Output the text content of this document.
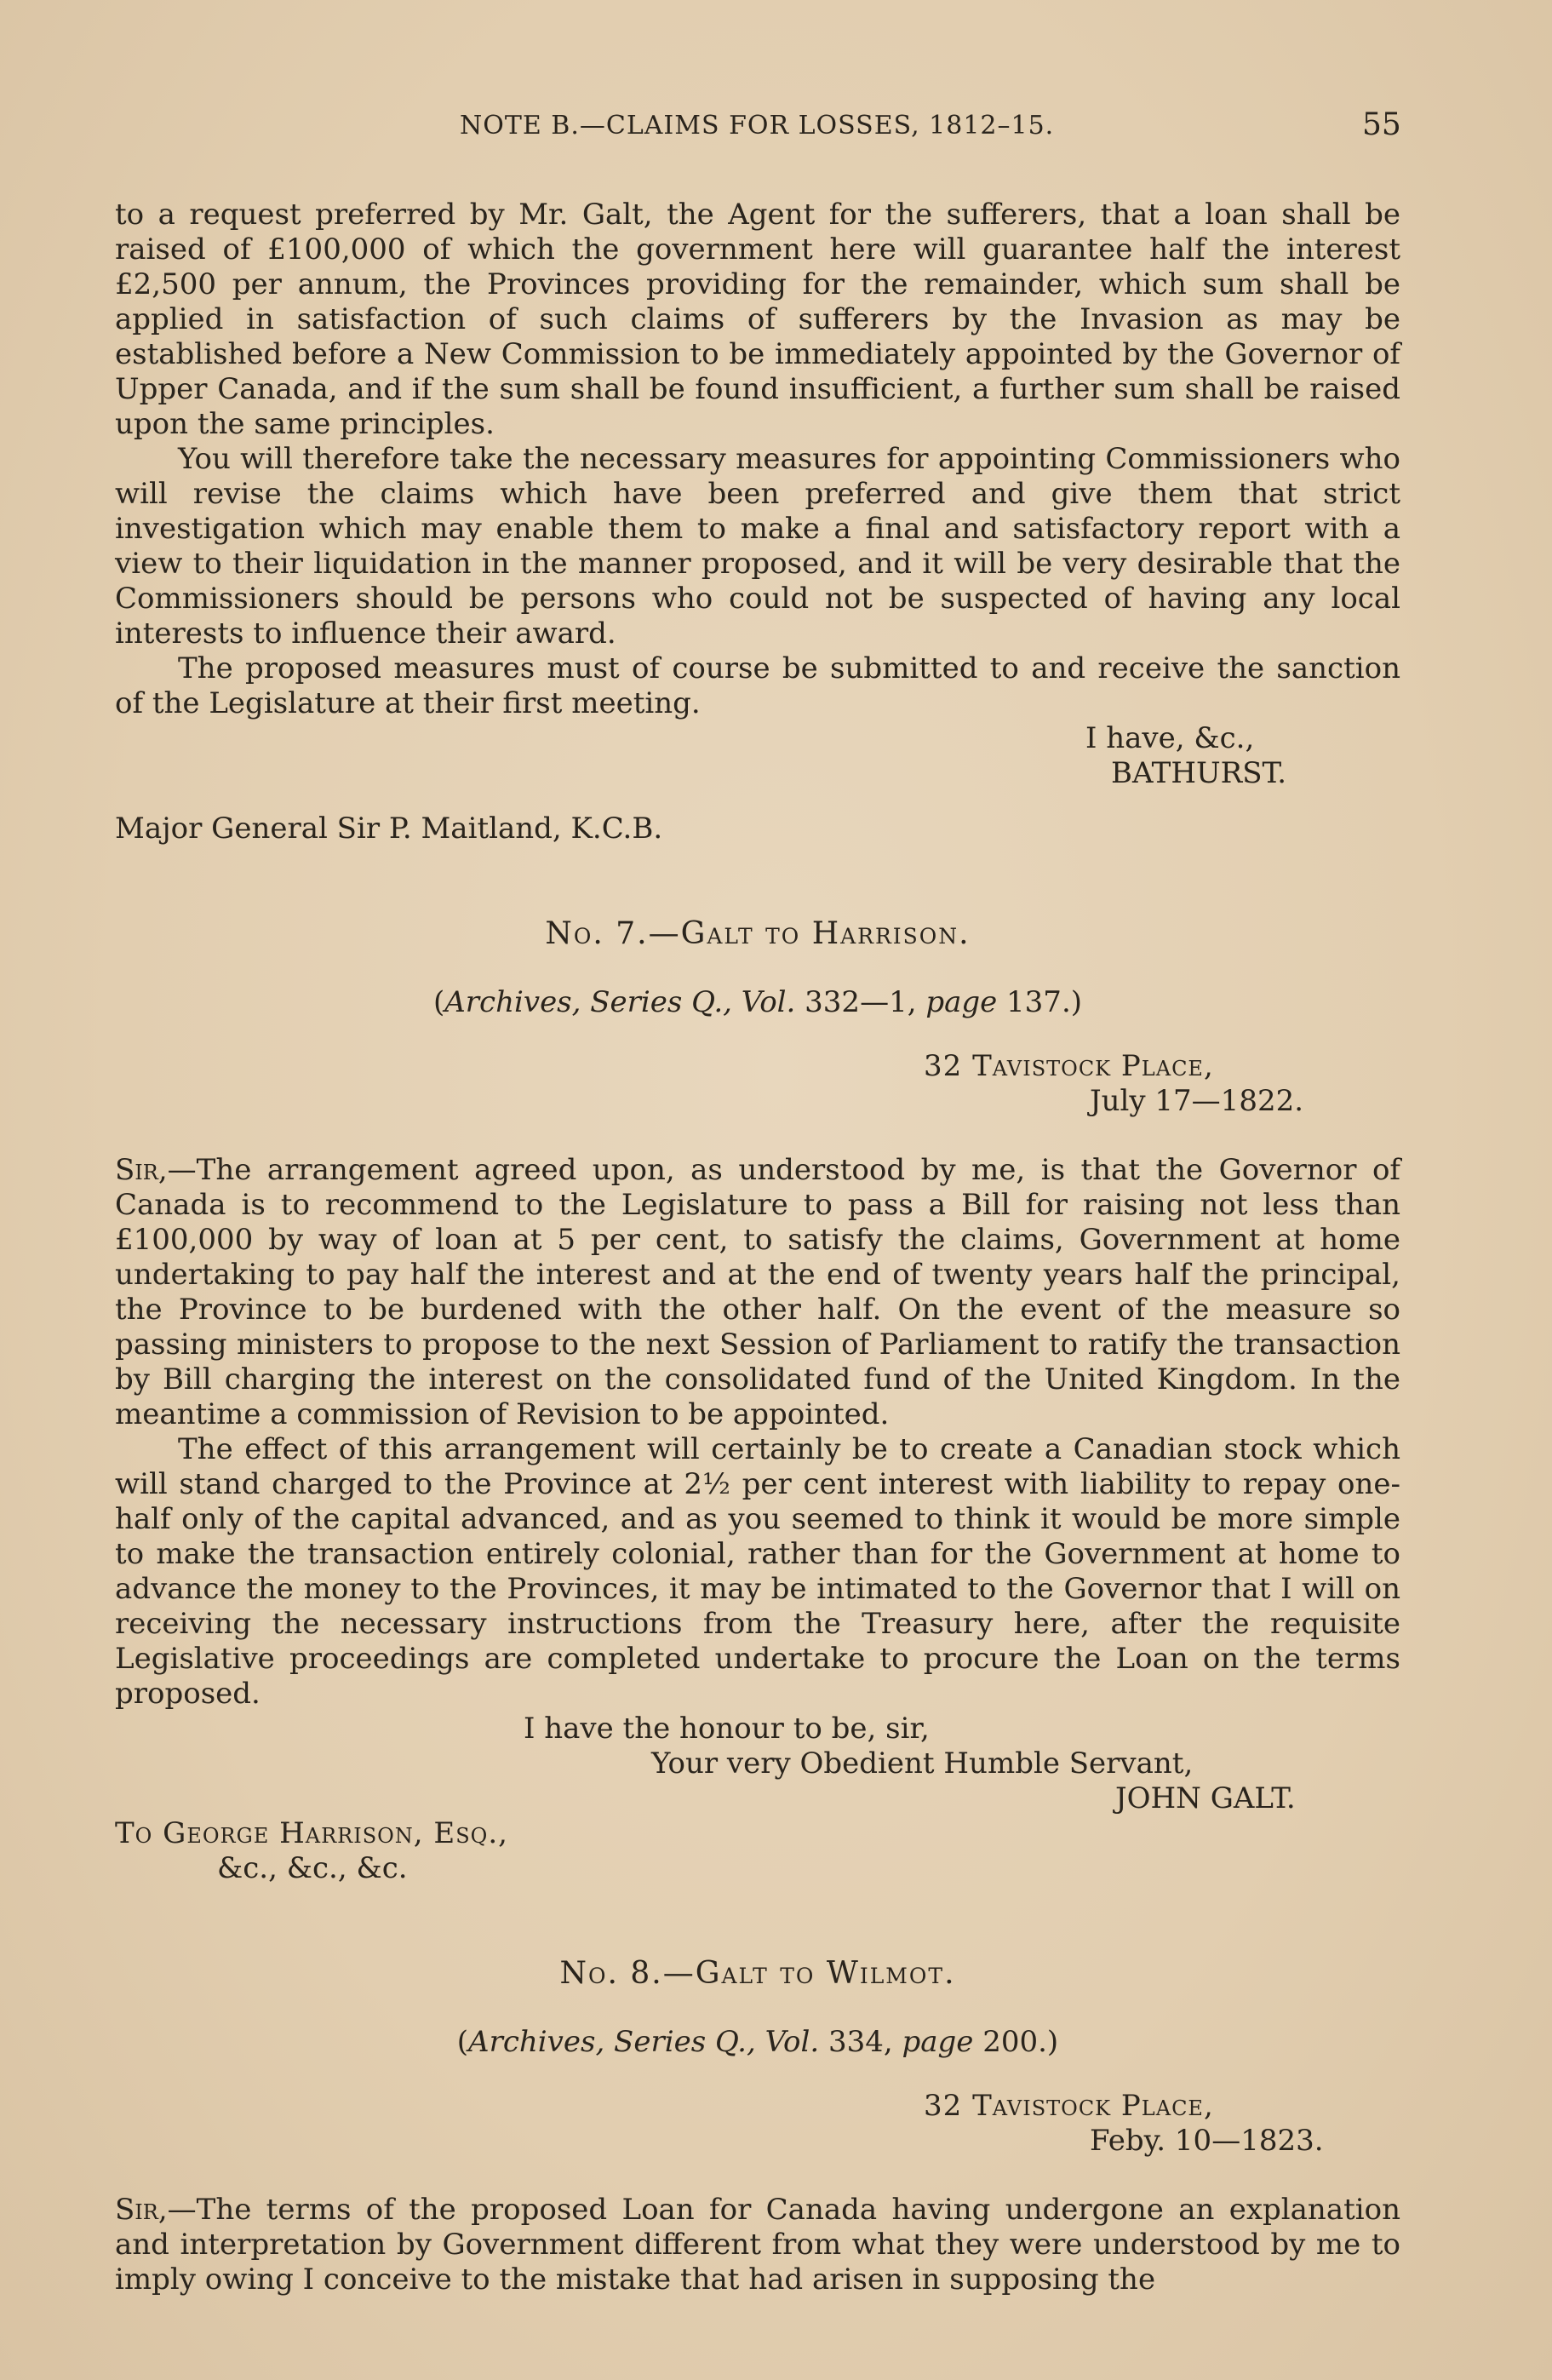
NOTE B.—CLAIMS FOR LOSSES, 1812–15.	55

to a request preferred by Mr. Galt, the Agent for the sufferers, that a loan shall be raised of £100,000 of which the government here will guarantee half the interest £2,500 per annum, the Provinces providing for the remainder, which sum shall be applied in satisfaction of such claims of sufferers by the Invasion as may be established before a New Commission to be immediately appointed by the Governor of Upper Canada, and if the sum shall be found insufficient, a further sum shall be raised upon the same principles.

You will therefore take the necessary measures for appointing Commissioners who will revise the claims which have been preferred and give them that strict investigation which may enable them to make a final and satisfactory report with a view to their liquidation in the manner proposed, and it will be very desirable that the Commissioners should be persons who could not be suspected of having any local interests to influence their award.

The proposed measures must of course be submitted to and receive the sanction of the Legislature at their first meeting.

I have, &c.,
BATHURST.
Major General Sir P. Maitland, K.C.B.
No. 7.—Galt to Harrison.
(Archives, Series Q., Vol. 332—1, page 137.)
32 Tavistock Place,
July 17—1822.

Sir,—The arrangement agreed upon, as understood by me, is that the Governor of Canada is to recommend to the Legislature to pass a Bill for raising not less than £100,000 by way of loan at 5 per cent, to satisfy the claims, Government at home undertaking to pay half the interest and at the end of twenty years half the principal, the Province to be burdened with the other half. On the event of the measure so passing ministers to propose to the next Session of Parliament to ratify the transaction by Bill charging the interest on the consolidated fund of the United Kingdom. In the meantime a commission of Revision to be appointed.

The effect of this arrangement will certainly be to create a Canadian stock which will stand charged to the Province at 2½ per cent interest with liability to repay one-half only of the capital advanced, and as you seemed to think it would be more simple to make the transaction entirely colonial, rather than for the Government at home to advance the money to the Provinces, it may be intimated to the Governor that I will on receiving the necessary instructions from the Treasury here, after the requisite Legislative proceedings are completed undertake to procure the Loan on the terms proposed.

I have the honour to be, sir,
Your very Obedient Humble Servant,
JOHN GALT.
To George Harrison, Esq.,
&c., &c., &c.
No. 8.—Galt to Wilmot.
(Archives, Series Q., Vol. 334, page 200.)
32 Tavistock Place,
Feby. 10—1823.

Sir,—The terms of the proposed Loan for Canada having undergone an explanation and interpretation by Government different from what they were understood by me to imply owing I conceive to the mistake that had arisen in supposing the
